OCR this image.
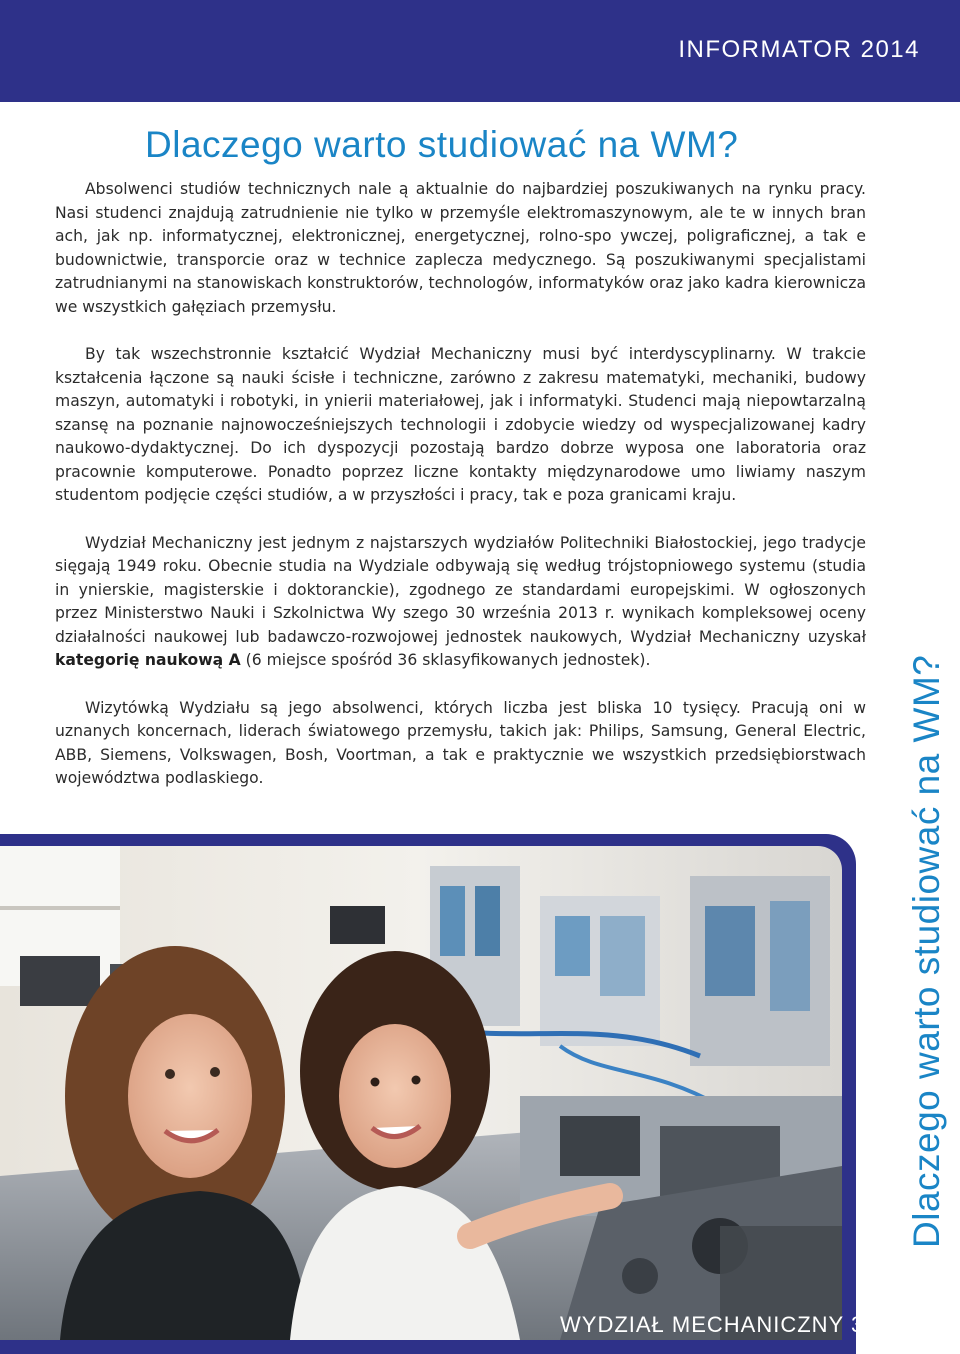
INFORMATOR 2014
Dlaczego warto studiować na WM?

Absolwenci studiów technicznych nale ą aktualnie do najbardziej poszukiwanych na rynku pracy. Nasi studenci znajdują zatrudnienie nie tylko w przemyśle elektromaszynowym, ale te w innych bran ach, jak np. informatycznej, elektronicznej, energetycznej, rolno-spo ywczej, poligraficznej, a tak e budownictwie, transporcie oraz w technice zaplecza medycznego. Są poszukiwanymi specjalistami zatrudnianymi na stanowiskach konstruktorów, technologów, informatyków oraz jako kadra kierownicza we wszystkich gałęziach przemysłu.

By tak wszechstronnie kształcić Wydział Mechaniczny musi być interdyscyplinarny. W trakcie kształcenia łączone są nauki ścisłe i techniczne, zarówno z zakresu matematyki, mechaniki, budowy maszyn, automatyki i robotyki, in ynierii materiałowej, jak i informatyki. Studenci mają niepowtarzalną szansę na poznanie najnowocześniejszych technologii i zdobycie wiedzy od wyspecjalizowanej kadry naukowo-dydaktycznej. Do ich dyspozycji pozostają bardzo dobrze wyposa one laboratoria oraz pracownie komputerowe. Ponadto poprzez liczne kontakty międzynarodowe umo liwiamy naszym studentom podjęcie części studiów, a w przyszłości i pracy, tak e poza granicami kraju.

Wydział Mechaniczny jest jednym z najstarszych wydziałów Politechniki Białostockiej, jego tradycje sięgają 1949 roku. Obecnie studia na Wydziale odbywają się według trójstopniowego systemu (studia in ynierskie, magisterskie i doktoranckie), zgodnego ze standardami europejskimi. W ogłoszonych przez Ministerstwo Nauki i Szkolnictwa Wy szego 30 września 2013 r. wynikach kompleksowej oceny działalności naukowej lub badawczo-rozwojowej jednostek naukowych, Wydział Mechaniczny uzyskał kategorię naukową A (6 miejsce spośród 36 sklasyfikowanych jednostek).

Wizytówką Wydziału są jego absolwenci, których liczba jest bliska 10 tysięcy. Pracują oni w uznanych koncernach, liderach światowego przemysłu, takich jak: Philips, Samsung, General Electric, ABB, Siemens, Volkswagen, Bosh, Voortman, a tak e praktycznie we wszystkich przedsiębiorstwach województwa podlaskiego.	Dlaczego warto studiować na WM?
WYDZIAŁ MECHANICZNY 3
